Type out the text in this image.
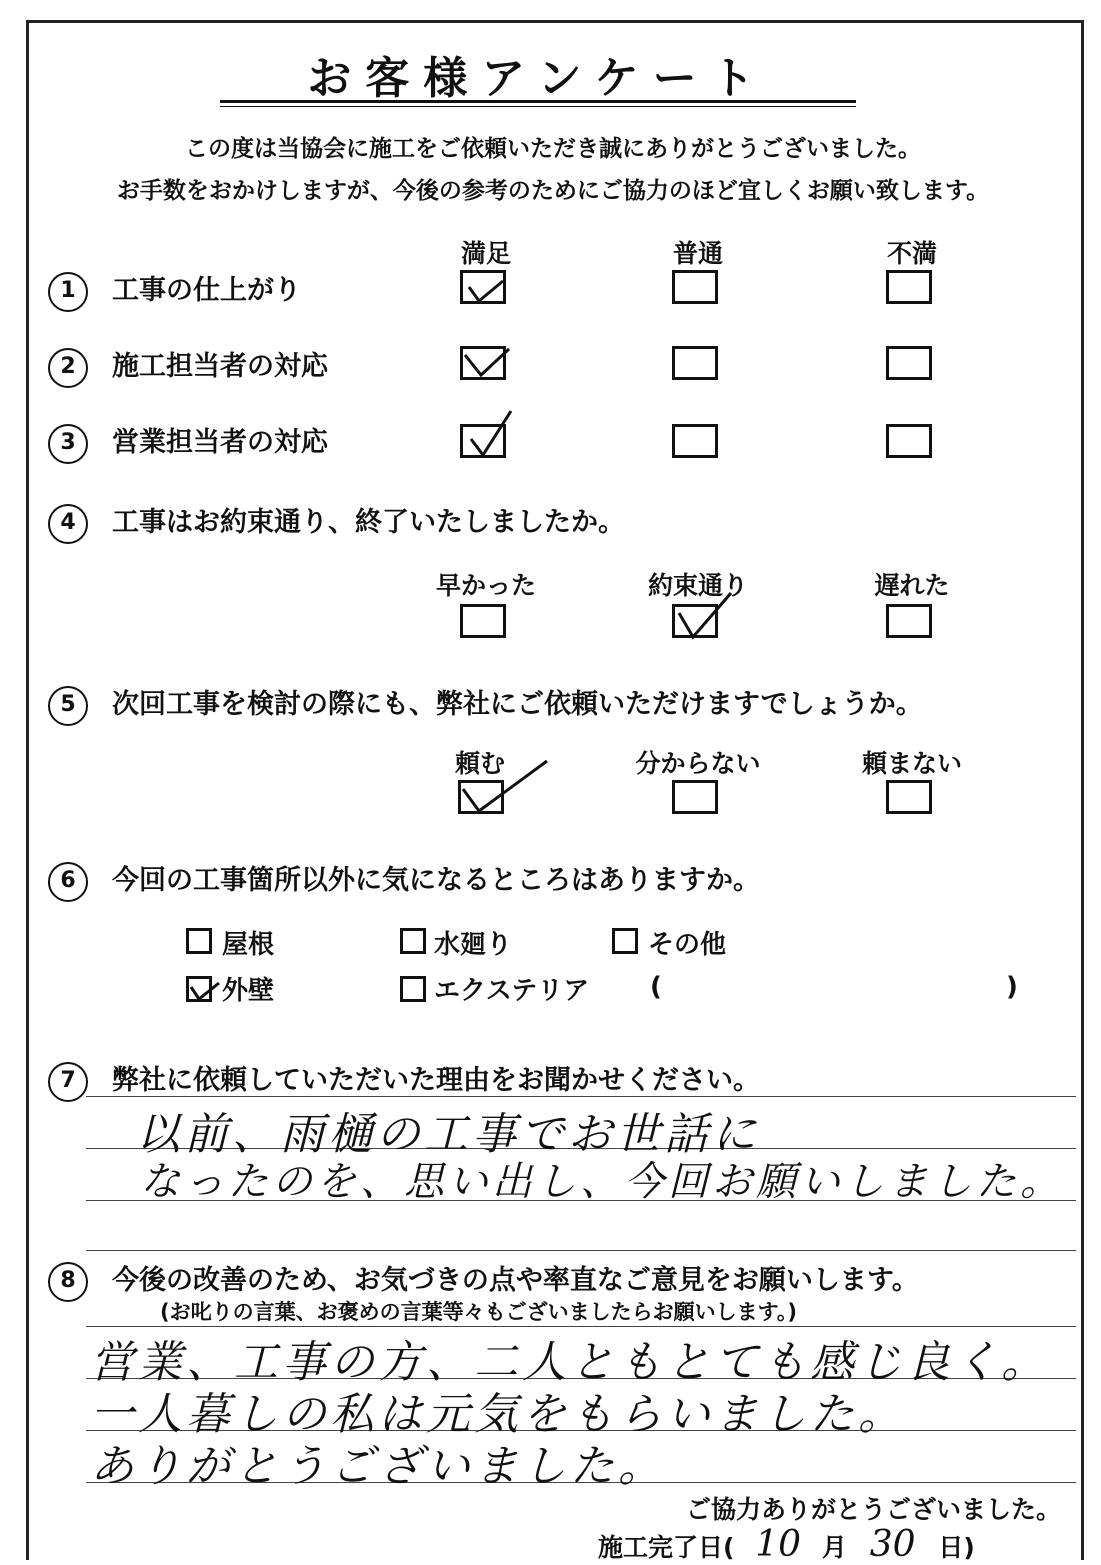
お客様アンケート
この度は当協会に施工をご依頼いただき誠にありがとうございました。
お手数をおかけしますが、今後の参考のためにご協力のほど宜しくお願い致します。
満足	普通	不満
1 工事の仕上がり
2 施工担当者の対応
3 営業担当者の対応
4 工事はお約束通り、終了いたしましたか。
早かった	約束通り	遅れた
5 次回工事を検討の際にも、弊社にご依頼いただけますでしょうか。
頼む	分からない	頼まない
6 今回の工事箇所以外に気になるところはありますか。
屋根	水廻り	その他
外壁	エクステリア (	)
7 弊社に依頼していただいた理由をお聞かせください。
以前、雨樋の工事でお世話に
なったのを、思い出し、今回お願いしました。
8 今後の改善のため、お気づきの点や率直なご意見をお願いします。
(お叱りの言葉、お褒めの言葉等々もございましたらお願いします。)
営業、工事の方、二人ともとても感じ良く。
一人暮しの私は元気をもらいました。
ありがとうございました。
ご協力ありがとうございました。
施工完了日( 10 月 30 日)
